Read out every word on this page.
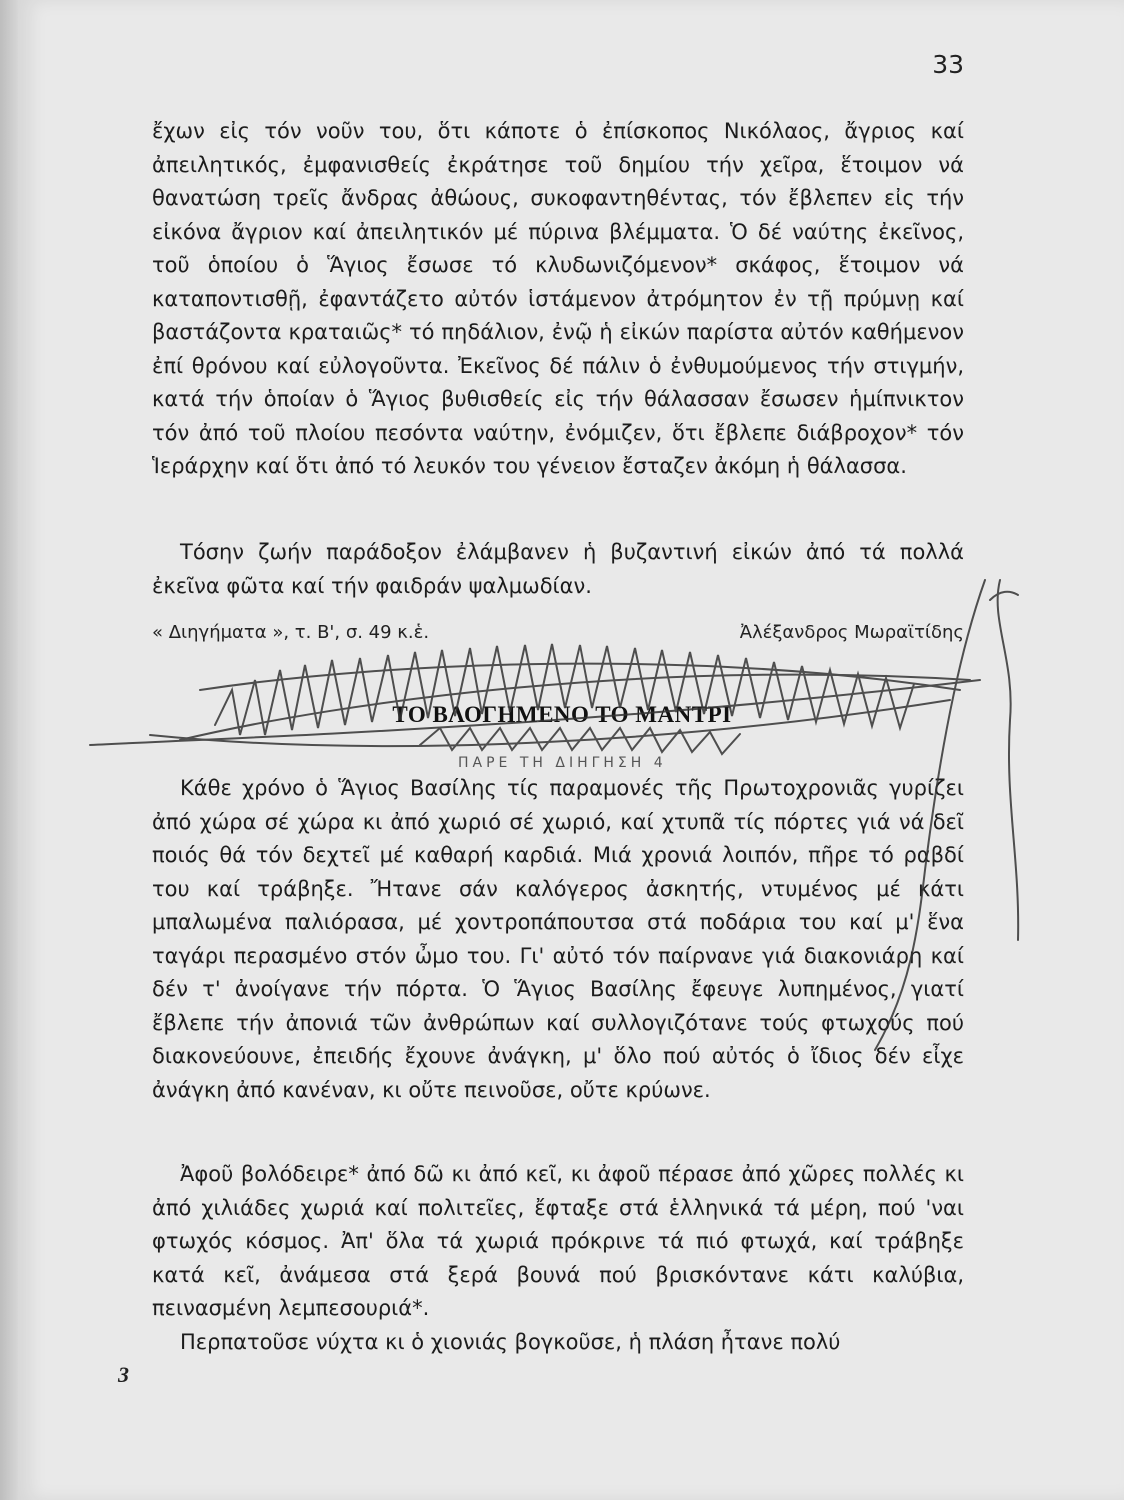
33
ἔχων εἰς τόν νοῦν του, ὅτι κάποτε ὁ ἐπίσκοπος Νικόλαος, ἄγριος καί ἀπειλητικός, ἐμφανισθείς ἐκράτησε τοῦ δημίου τήν χεῖρα, ἕτοιμον νά θανατώση τρεῖς ἄνδρας ἀθώους, συκοφαντηθέντας, τόν ἔβλεπεν εἰς τήν εἰκόνα ἄγριον καί ἀπειλητικόν μέ πύρινα βλέμματα. Ὁ δέ ναύτης ἐκεῖνος, τοῦ ὁποίου ὁ Ἅγιος ἔσωσε τό κλυδωνιζόμενον* σκάφος, ἕτοιμον νά καταποντισθῇ, ἐφαντάζετο αὐτόν ἱστάμενον ἀτρόμητον ἐν τῇ πρύμνῃ καί βαστάζοντα κραταιῶς* τό πηδάλιον, ἐνῷ ἡ εἰκών παρίστα αὐτόν καθήμενον ἐπί θρόνου καί εὐλογοῦντα. Ἐκεῖνος δέ πάλιν ὁ ἐνθυμούμενος τήν στιγμήν, κατά τήν ὁποίαν ὁ Ἅγιος βυθισθείς εἰς τήν θάλασσαν ἔσωσεν ἡμίπνικτον τόν ἀπό τοῦ πλοίου πεσόντα ναύτην, ἐνόμιζεν, ὅτι ἔβλεπε διάβροχον* τόν Ἱεράρχην καί ὅτι ἀπό τό λευκόν του γένειον ἔσταζεν ἀκόμη ἡ θάλασσα.
Τόσην ζωήν παράδοξον ἐλάμβανεν ἡ βυζαντινή εἰκών ἀπό τά πολλά ἐκεῖνα φῶτα καί τήν φαιδράν ψαλμωδίαν.
« Διηγήματα », τ. Β', σ. 49 κ.ἑ.	Ἀλέξανδρος Μωραϊτίδης
ΤΟ ΒΛΟΓΗΜΕΝΟ ΤΟ ΜΑΝΤΡΙ
ΠΑΡΕ ΤΗ ΔΙΗΓΗΣΗ 4
Κάθε χρόνο ὁ Ἅγιος Βασίλης τίς παραμονές τῆς Πρωτοχρονιᾶς γυρίζει ἀπό χώρα σέ χώρα κι ἀπό χωριό σέ χωριό, καί χτυπᾶ τίς πόρτες γιά νά δεῖ ποιός θά τόν δεχτεῖ μέ καθαρή καρδιά. Μιά χρονιά λοιπόν, πῆρε τό ραβδί του καί τράβηξε. Ἤτανε σάν καλόγερος ἀσκητής, ντυμένος μέ κάτι μπαλωμένα παλιόρασα, μέ χοντροπάπουτσα στά ποδάρια του καί μ' ἕνα ταγάρι περασμένο στόν ὦμο του. Γι' αὐτό τόν παίρνανε γιά διακονιάρη καί δέν τ' ἀνοίγανε τήν πόρτα. Ὁ Ἅγιος Βασίλης ἔφευγε λυπημένος, γιατί ἔβλεπε τήν ἀπονιά τῶν ἀνθρώπων καί συλλογιζότανε τούς φτωχούς πού διακονεύουνε, ἐπειδής ἔχουνε ἀνάγκη, μ' ὅλο πού αὐτός ὁ ἴδιος δέν εἶχε ἀνάγκη ἀπό κανέναν, κι οὔτε πεινοῦσε, οὔτε κρύωνε.
Ἀφοῦ βολόδειρε* ἀπό δῶ κι ἀπό κεῖ, κι ἀφοῦ πέρασε ἀπό χῶρες πολλές κι ἀπό χιλιάδες χωριά καί πολιτεῖες, ἔφταξε στά ἑλληνικά τά μέρη, πού 'ναι φτωχός κόσμος. Ἀπ' ὅλα τά χωριά πρόκρινε τά πιό φτωχά, καί τράβηξε κατά κεῖ, ἀνάμεσα στά ξερά βουνά πού βρισκόντανε κάτι καλύβια, πεινασμένη λεμπεσουριά*.
Περπατοῦσε νύχτα κι ὁ χιονιάς βογκοῦσε, ἡ πλάση ἦτανε πολύ
3
